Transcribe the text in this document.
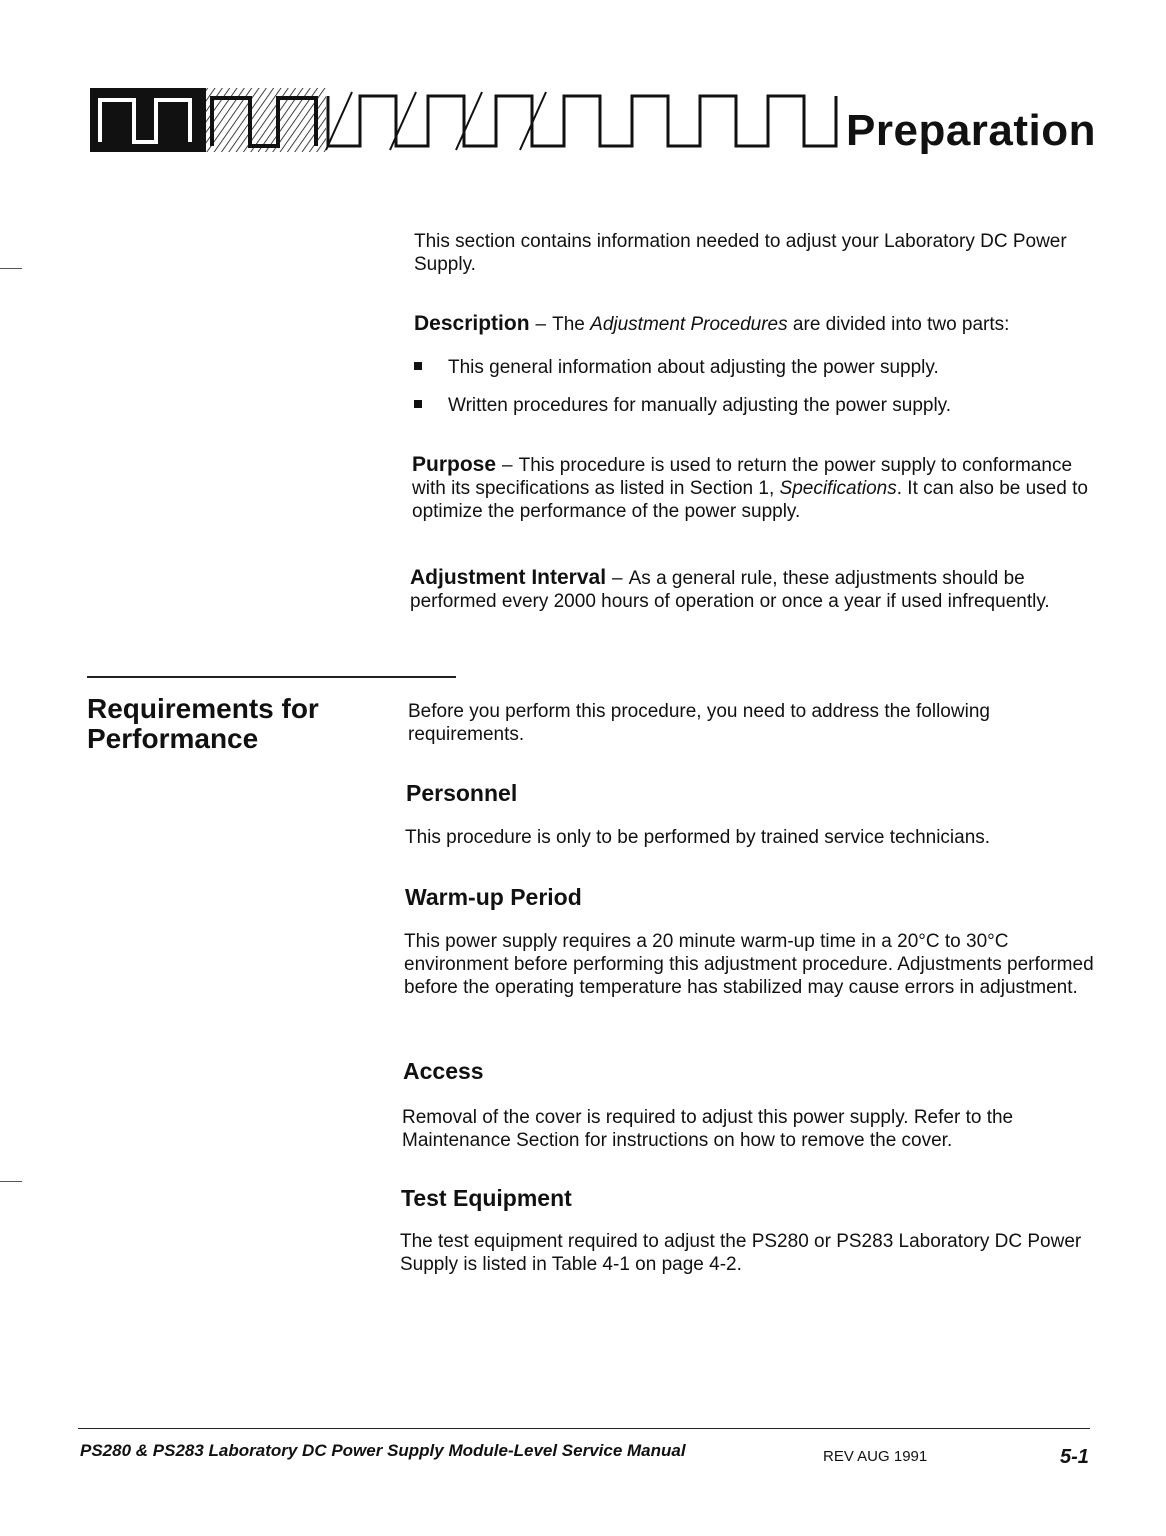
Preparation
This section contains information needed to adjust your Laboratory DC Power Supply.
Description – The Adjustment Procedures are divided into two parts:
This general information about adjusting the power supply.
Written procedures for manually adjusting the power supply.
Purpose – This procedure is used to return the power supply to conformance with its specifications as listed in Section 1, Specifications. It can also be used to optimize the performance of the power supply.
Adjustment Interval – As a general rule, these adjustments should be performed every 2000 hours of operation or once a year if used infrequently.
Requirements for Performance
Before you perform this procedure, you need to address the following requirements.
Personnel
This procedure is only to be performed by trained service technicians.
Warm-up Period
This power supply requires a 20 minute warm-up time in a 20°C to 30°C environment before performing this adjustment procedure. Adjustments performed before the operating temperature has stabilized may cause errors in adjustment.
Access
Removal of the cover is required to adjust this power supply. Refer to the Maintenance Section for instructions on how to remove the cover.
Test Equipment
The test equipment required to adjust the PS280 or PS283 Laboratory DC Power Supply is listed in Table 4-1 on page 4-2.
PS280 & PS283 Laboratory DC Power Supply Module-Level Service Manual	REV AUG 1991	5-1
